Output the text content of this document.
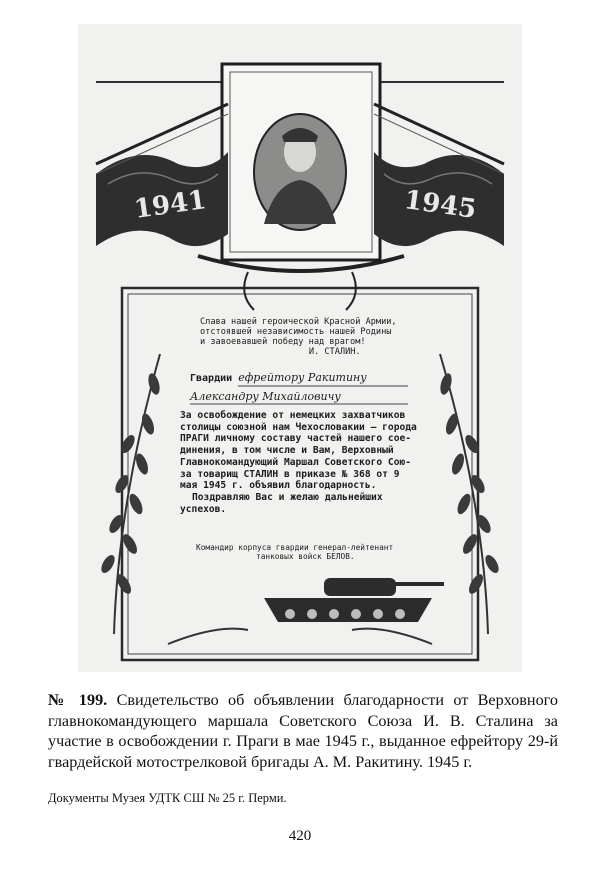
1941	1945
Слава нашей героической Красной Армии,
отстоявшей независимость нашей Родины
и завоевавшей победу над врагом!
И. СТАЛИН.
Гвардии ефрейтору Ракитину
Александру Михайловичу
За освобождение от немецких захватчиков
столицы союзной нам Чехословакии — города
ПРАГИ личному составу частей нашего сое-
динения, в том числе и Вам, Верховный
Главнокомандующий Маршал Советского Сою-
за товарищ СТАЛИН в приказе № 368 от 9
мая 1945 г. объявил благодарность.
Поздравляю Вас и желаю дальнейших
успехов.
Командир корпуса гвардии генерал-лейтенант
танковых войск БЕЛОВ.
№ 199. Свидетельство об объявлении благодарности от Верховного главнокомандующего маршала Советского Союза И. В. Сталина за участие в освобождении г. Праги в мае 1945 г., выданное ефрейтору 29-й гвардейской мотострелковой бригады А. М. Ракитину. 1945 г.
Документы Музея УДТК СШ № 25 г. Перми.
420
